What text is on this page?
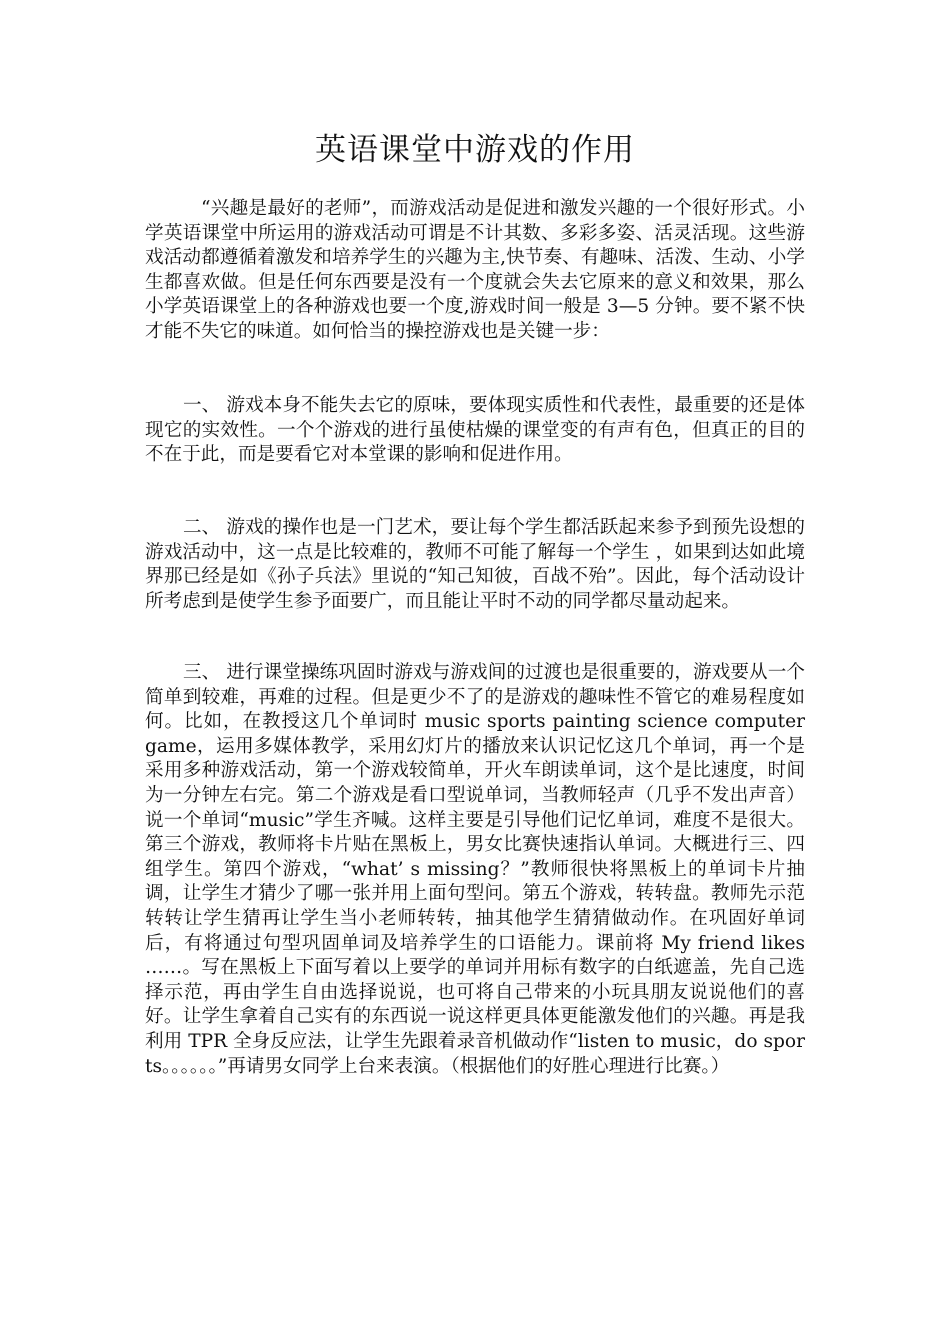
英语课堂中游戏的作用

“兴趣是最好的老师”，而游戏活动是促进和激发兴趣的一个很好形式。小学英语课堂中所运用的游戏活动可谓是不计其数、多彩多姿、活灵活现。这些游戏活动都遵循着激发和培养学生的兴趣为主,快节奏、有趣味、活泼、生动、小学生都喜欢做。但是任何东西要是没有一个度就会失去它原来的意义和效果，那么小学英语课堂上的各种游戏也要一个度,游戏时间一般是 3—5 分钟。要不紧不快才能不失它的味道。如何恰当的操控游戏也是关键一步：

一、 游戏本身不能失去它的原味，要体现实质性和代表性，最重要的还是体现它的实效性。一个个游戏的进行虽使枯燥的课堂变的有声有色，但真正的目的不在于此，而是要看它对本堂课的影响和促进作用。

二、 游戏的操作也是一门艺术，要让每个学生都活跃起来参予到预先设想的游戏活动中，这一点是比较难的，教师不可能了解每一个学生 ，如果到达如此境界那已经是如《孙子兵法》里说的“知己知彼，百战不殆”。因此，每个活动设计所考虑到是使学生参予面要广，而且能让平时不动的同学都尽量动起来。

三、 进行课堂操练巩固时游戏与游戏间的过渡也是很重要的，游戏要从一个简单到较难，再难的过程。但是更少不了的是游戏的趣味性不管它的难易程度如何。比如，在教授这几个单词时 music sports painting science computer game，运用多媒体教学，采用幻灯片的播放来认识记忆这几个单词，再一个是采用多种游戏活动，第一个游戏较简单，开火车朗读单词，这个是比速度，时间为一分钟左右完。第二个游戏是看口型说单词，当教师轻声（几乎不发出声音）说一个单词“music”学生齐喊。这样主要是引导他们记忆单词，难度不是很大。第三个游戏，教师将卡片贴在黑板上，男女比赛快速指认单词。大概进行三、四组学生。第四个游戏，“what’ s missing？”教师很快将黑板上的单词卡片抽调，让学生才猜少了哪一张并用上面句型问。第五个游戏，转转盘。教师先示范转转让学生猜再让学生当小老师转转，抽其他学生猜猜做动作。在巩固好单词后，有将通过句型巩固单词及培养学生的口语能力。课前将 My friend likes ……。写在黑板上下面写着以上要学的单词并用标有数字的白纸遮盖，先自己选择示范，再由学生自由选择说说，也可将自己带来的小玩具朋友说说他们的喜好。让学生拿着自己实有的东西说一说这样更具体更能激发他们的兴趣。再是我利用 TPR 全身反应法，让学生先跟着录音机做动作“listen to music，do sports。。。。。。”再请男女同学上台来表演。（根据他们的好胜心理进行比赛。）
